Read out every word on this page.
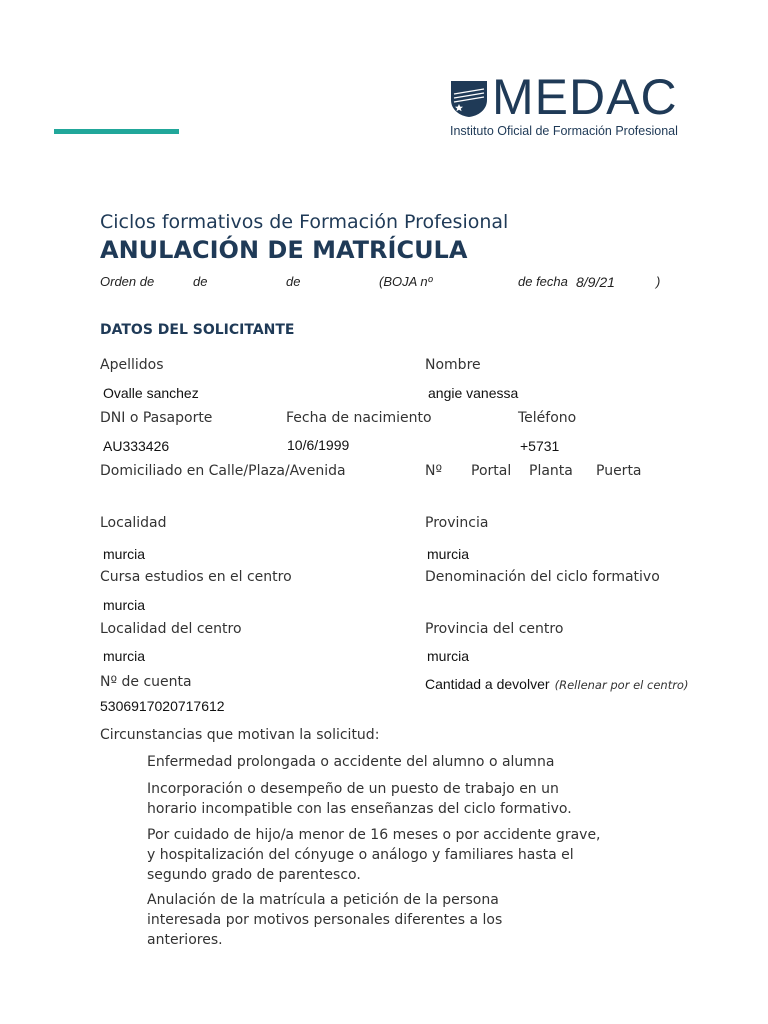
MEDAC
Instituto Oficial de Formación Profesional
Ciclos formativos de Formación Profesional
ANULACIÓN DE MATRÍCULA
Orden de	de	de	(BOJA nº	de fecha 8/9/21	)
DATOS DEL SOLICITANTE
Apellidos	Nombre
Ovalle sanchez	angie vanessa
DNI o Pasaporte	Fecha de nacimiento	Teléfono
AU333426	10/6/1999	+5731
Domiciliado en Calle/Plaza/Avenida	Nº Portal Planta Puerta
Localidad	Provincia
murcia	murcia
Cursa estudios en el centro	Denominación del ciclo formativo
murcia
Localidad del centro	Provincia del centro
murcia	murcia
Nº de cuenta	Cantidad a devolver (Rellenar por el centro)
5306917020717612
Circunstancias que motivan la solicitud:
Enfermedad prolongada o accidente del alumno o alumna
Incorporación o desempeño de un puesto de trabajo en un horario incompatible con las enseñanzas del ciclo formativo.
Por cuidado de hijo/a menor de 16 meses o por accidente grave, y hospitalización del cónyuge o análogo y familiares hasta el segundo grado de parentesco.
Anulación de la matrícula a petición de la persona interesada por motivos personales diferentes a los anteriores.
